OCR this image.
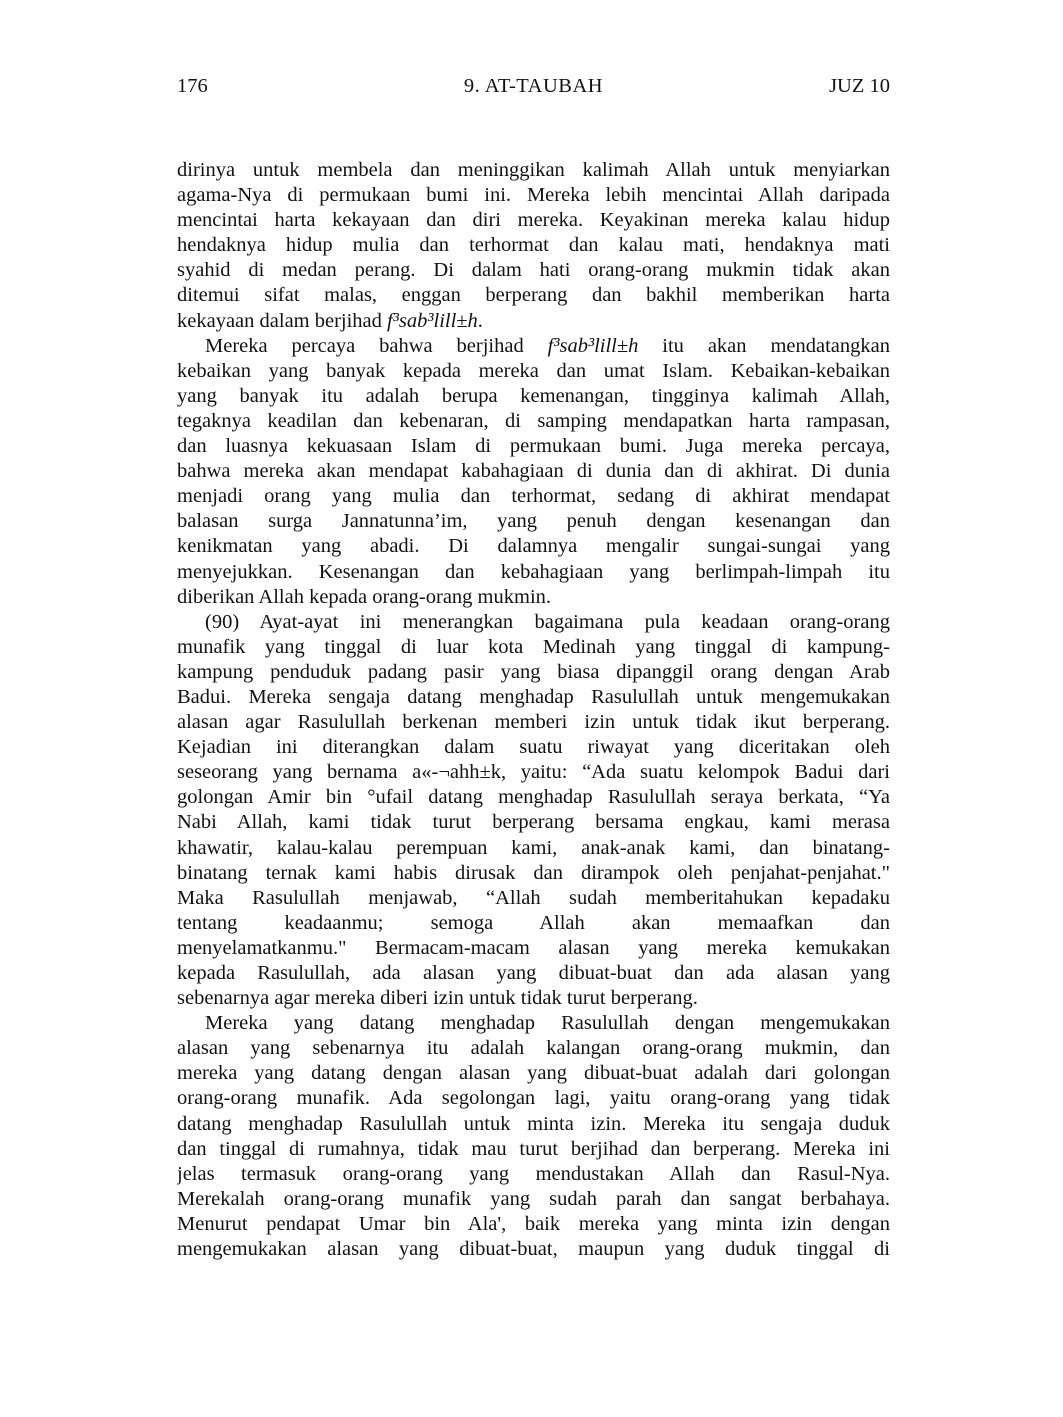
176	9. AT-TAUBAH	JUZ 10
dirinya untuk membela dan meninggikan kalimah Allah untuk menyiarkan
agama-Nya di permukaan bumi ini. Mereka lebih mencintai Allah daripada
mencintai harta kekayaan dan diri mereka. Keyakinan mereka kalau hidup
hendaknya hidup mulia dan terhormat dan kalau mati, hendaknya mati
syahid di medan perang. Di dalam hati orang-orang mukmin tidak akan
ditemui sifat malas, enggan berperang dan bakhil memberikan harta
kekayaan dalam berjihad f³sab³lill±h.
Mereka percaya bahwa berjihad f³sab³lill±h itu akan mendatangkan
kebaikan yang banyak kepada mereka dan umat Islam. Kebaikan-kebaikan
yang banyak itu adalah berupa kemenangan, tingginya kalimah Allah,
tegaknya keadilan dan kebenaran, di samping mendapatkan harta rampasan,
dan luasnya kekuasaan Islam di permukaan bumi. Juga mereka percaya,
bahwa mereka akan mendapat kabahagiaan di dunia dan di akhirat. Di dunia
menjadi orang yang mulia dan terhormat, sedang di akhirat mendapat
balasan surga Jannatunna’im, yang penuh dengan kesenangan dan
kenikmatan yang abadi. Di dalamnya mengalir sungai-sungai yang
menyejukkan. Kesenangan dan kebahagiaan yang berlimpah-limpah itu
diberikan Allah kepada orang-orang mukmin.
(90) Ayat-ayat ini menerangkan bagaimana pula keadaan orang-orang
munafik yang tinggal di luar kota Medinah yang tinggal di kampung-
kampung penduduk padang pasir yang biasa dipanggil orang dengan Arab
Badui. Mereka sengaja datang menghadap Rasulullah untuk mengemukakan
alasan agar Rasulullah berkenan memberi izin untuk tidak ikut berperang.
Kejadian ini diterangkan dalam suatu riwayat yang diceritakan oleh
seseorang yang bernama a«-¬ahh±k, yaitu: “Ada suatu kelompok Badui dari
golongan Amir bin °ufail datang menghadap Rasulullah seraya berkata, “Ya
Nabi Allah, kami tidak turut berperang bersama engkau, kami merasa
khawatir, kalau-kalau perempuan kami, anak-anak kami, dan binatang-
binatang ternak kami habis dirusak dan dirampok oleh penjahat-penjahat."
Maka Rasulullah menjawab, “Allah sudah memberitahukan kepadaku
tentang keadaanmu; semoga Allah akan memaafkan dan
menyelamatkanmu." Bermacam-macam alasan yang mereka kemukakan
kepada Rasulullah, ada alasan yang dibuat-buat dan ada alasan yang
sebenarnya agar mereka diberi izin untuk tidak turut berperang.
Mereka yang datang menghadap Rasulullah dengan mengemukakan
alasan yang sebenarnya itu adalah kalangan orang-orang mukmin, dan
mereka yang datang dengan alasan yang dibuat-buat adalah dari golongan
orang-orang munafik. Ada segolongan lagi, yaitu orang-orang yang tidak
datang menghadap Rasulullah untuk minta izin. Mereka itu sengaja duduk
dan tinggal di rumahnya, tidak mau turut berjihad dan berperang. Mereka ini
jelas termasuk orang-orang yang mendustakan Allah dan Rasul-Nya.
Merekalah orang-orang munafik yang sudah parah dan sangat berbahaya.
Menurut pendapat Umar bin Ala', baik mereka yang minta izin dengan
mengemukakan alasan yang dibuat-buat, maupun yang duduk tinggal di
